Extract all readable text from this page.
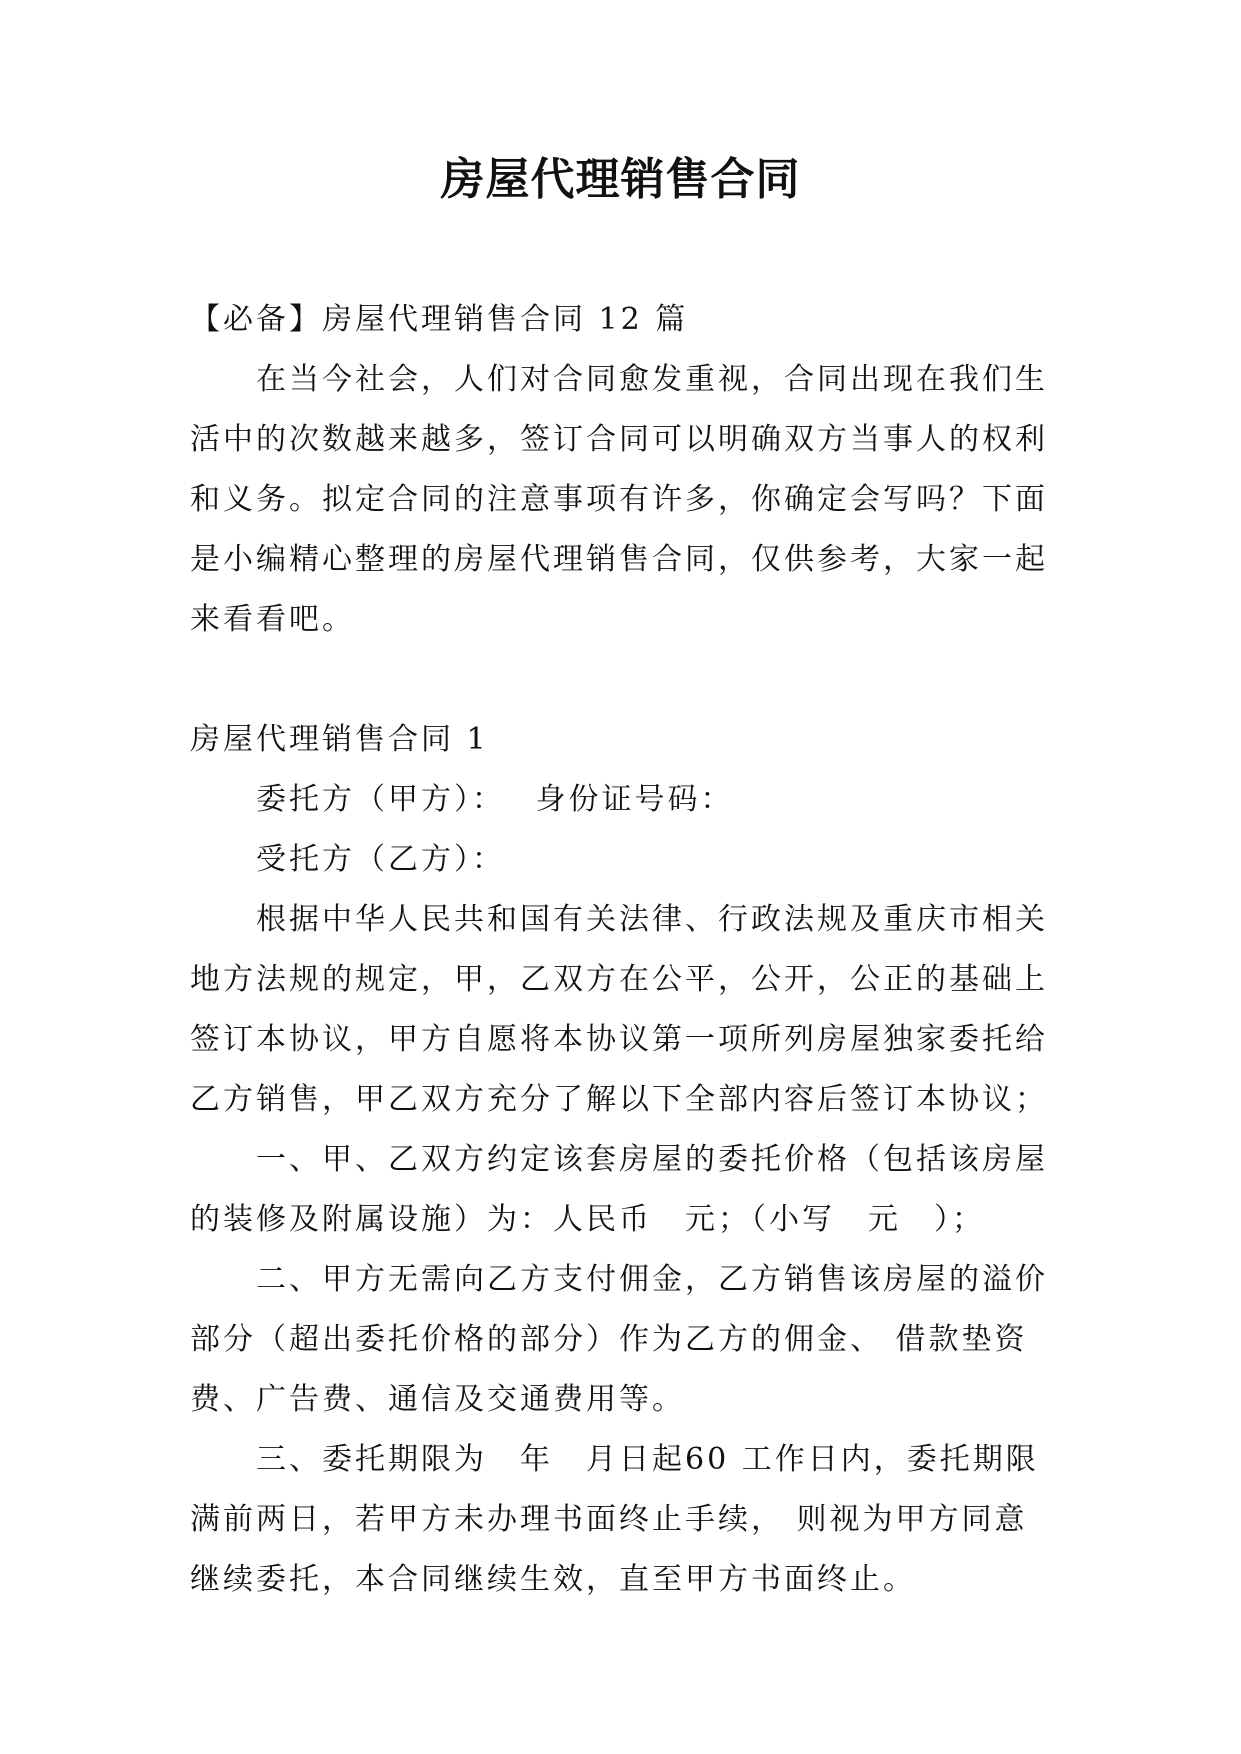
房屋代理销售合同

【必备】房屋代理销售合同 12 篇

在当今社会，人们对合同愈发重视，合同出现在我们生活中的次数越来越多，签订合同可以明确双方当事人的权利和义务。拟定合同的注意事项有许多，你确定会写吗？下面是小编精心整理的房屋代理销售合同，仅供参考，大家一起来看看吧。

房屋代理销售合同 1

委托方（甲方）：　 身份证号码：

受托方（乙方）：

根据中华人民共和国有关法律、行政法规及重庆市相关地方法规的规定，甲，乙双方在公平，公开，公正的基础上签订本协议，甲方自愿将本协议第一项所列房屋独家委托给乙方销售，甲乙双方充分了解以下全部内容后签订本协议；

一、甲、乙双方约定该套房屋的委托价格（包括该房屋的装修及附属设施）为：人民币　元；（小写　元　）；

二、甲方无需向乙方支付佣金，乙方销售该房屋的溢价部分（超出委托价格的部分）作为乙方的佣金、 借款垫资费、广告费、通信及交通费用等。

三、委托期限为　年　月日起60 工作日内，委托期限满前两日，若甲方未办理书面终止手续， 则视为甲方同意继续委托，本合同继续生效，直至甲方书面终止。
